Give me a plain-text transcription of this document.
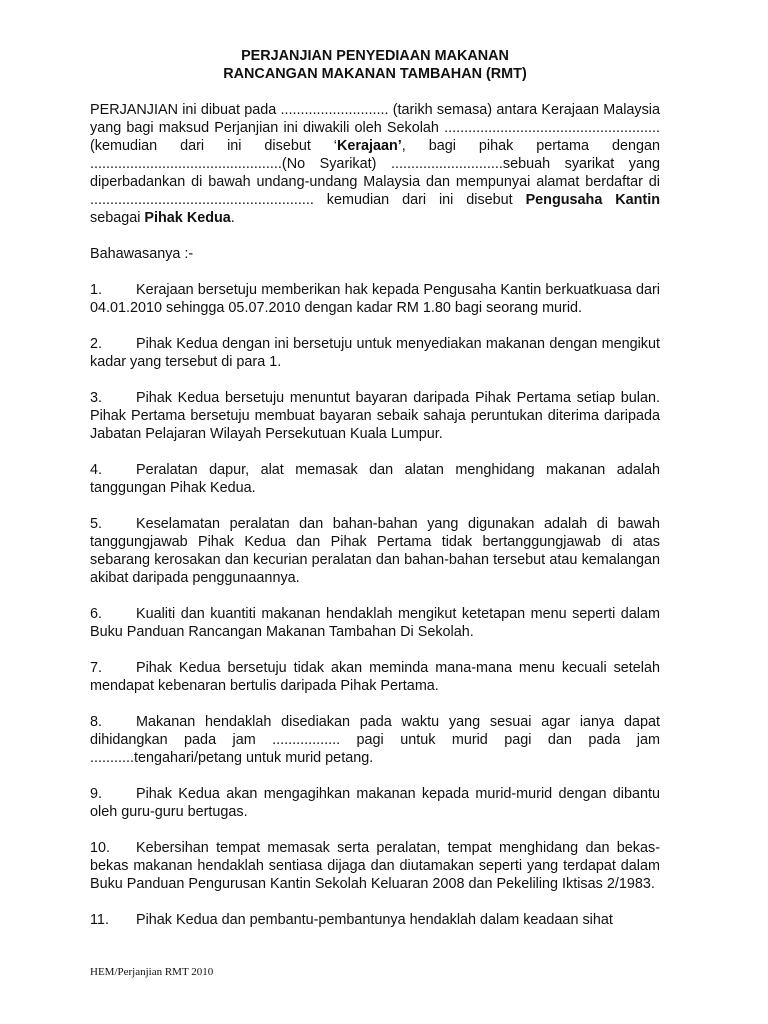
PERJANJIAN PENYEDIAAN MAKANAN

RANCANGAN MAKANAN TAMBAHAN (RMT)

PERJANJIAN ini dibuat pada ........................... (tarikh semasa) antara Kerajaan Malaysia yang bagi maksud Perjanjian ini diwakili oleh Sekolah ...................................................... (kemudian dari ini disebut ‘Kerajaan’, bagi pihak pertama dengan ................................................(No Syarikat) ............................sebuah syarikat yang diperbadankan di bawah undang-undang Malaysia dan mempunyai alamat berdaftar di ........................................................ kemudian dari ini disebut Pengusaha Kantin sebagai Pihak Kedua.

Bahawasanya :-

1. Kerajaan bersetuju memberikan hak kepada Pengusaha Kantin berkuatkuasa dari 04.01.2010 sehingga 05.07.2010 dengan kadar RM 1.80 bagi seorang murid.

2. Pihak Kedua dengan ini bersetuju untuk menyediakan makanan dengan mengikut kadar yang tersebut di para 1.

3. Pihak Kedua bersetuju menuntut bayaran daripada Pihak Pertama setiap bulan. Pihak Pertama bersetuju membuat bayaran sebaik sahaja peruntukan diterima daripada Jabatan Pelajaran Wilayah Persekutuan Kuala Lumpur.

4. Peralatan dapur, alat memasak dan alatan menghidang makanan adalah tanggungan Pihak Kedua.

5. Keselamatan peralatan dan bahan-bahan yang digunakan adalah di bawah tanggungjawab Pihak Kedua dan Pihak Pertama tidak bertanggungjawab di atas sebarang kerosakan dan kecurian peralatan dan bahan-bahan tersebut atau kemalangan akibat daripada penggunaannya.

6. Kualiti dan kuantiti makanan hendaklah mengikut ketetapan menu seperti dalam Buku Panduan Rancangan Makanan Tambahan Di Sekolah.

7. Pihak Kedua bersetuju tidak akan meminda mana-mana menu kecuali setelah mendapat kebenaran bertulis daripada Pihak Pertama.

8. Makanan hendaklah disediakan pada waktu yang sesuai agar ianya dapat dihidangkan pada jam ................. pagi untuk murid pagi dan pada jam ...........tengahari/petang untuk murid petang.

9. Pihak Kedua akan mengagihkan makanan kepada murid-murid dengan dibantu oleh guru-guru bertugas.

10. Kebersihan tempat memasak serta peralatan, tempat menghidang dan bekas-bekas makanan hendaklah sentiasa dijaga dan diutamakan seperti yang terdapat dalam Buku Panduan Pengurusan Kantin Sekolah Keluaran 2008 dan Pekeliling Iktisas 2/1983.

11. Pihak Kedua dan pembantu-pembantunya hendaklah dalam keadaan sihat

HEM/Perjanjian RMT 2010
